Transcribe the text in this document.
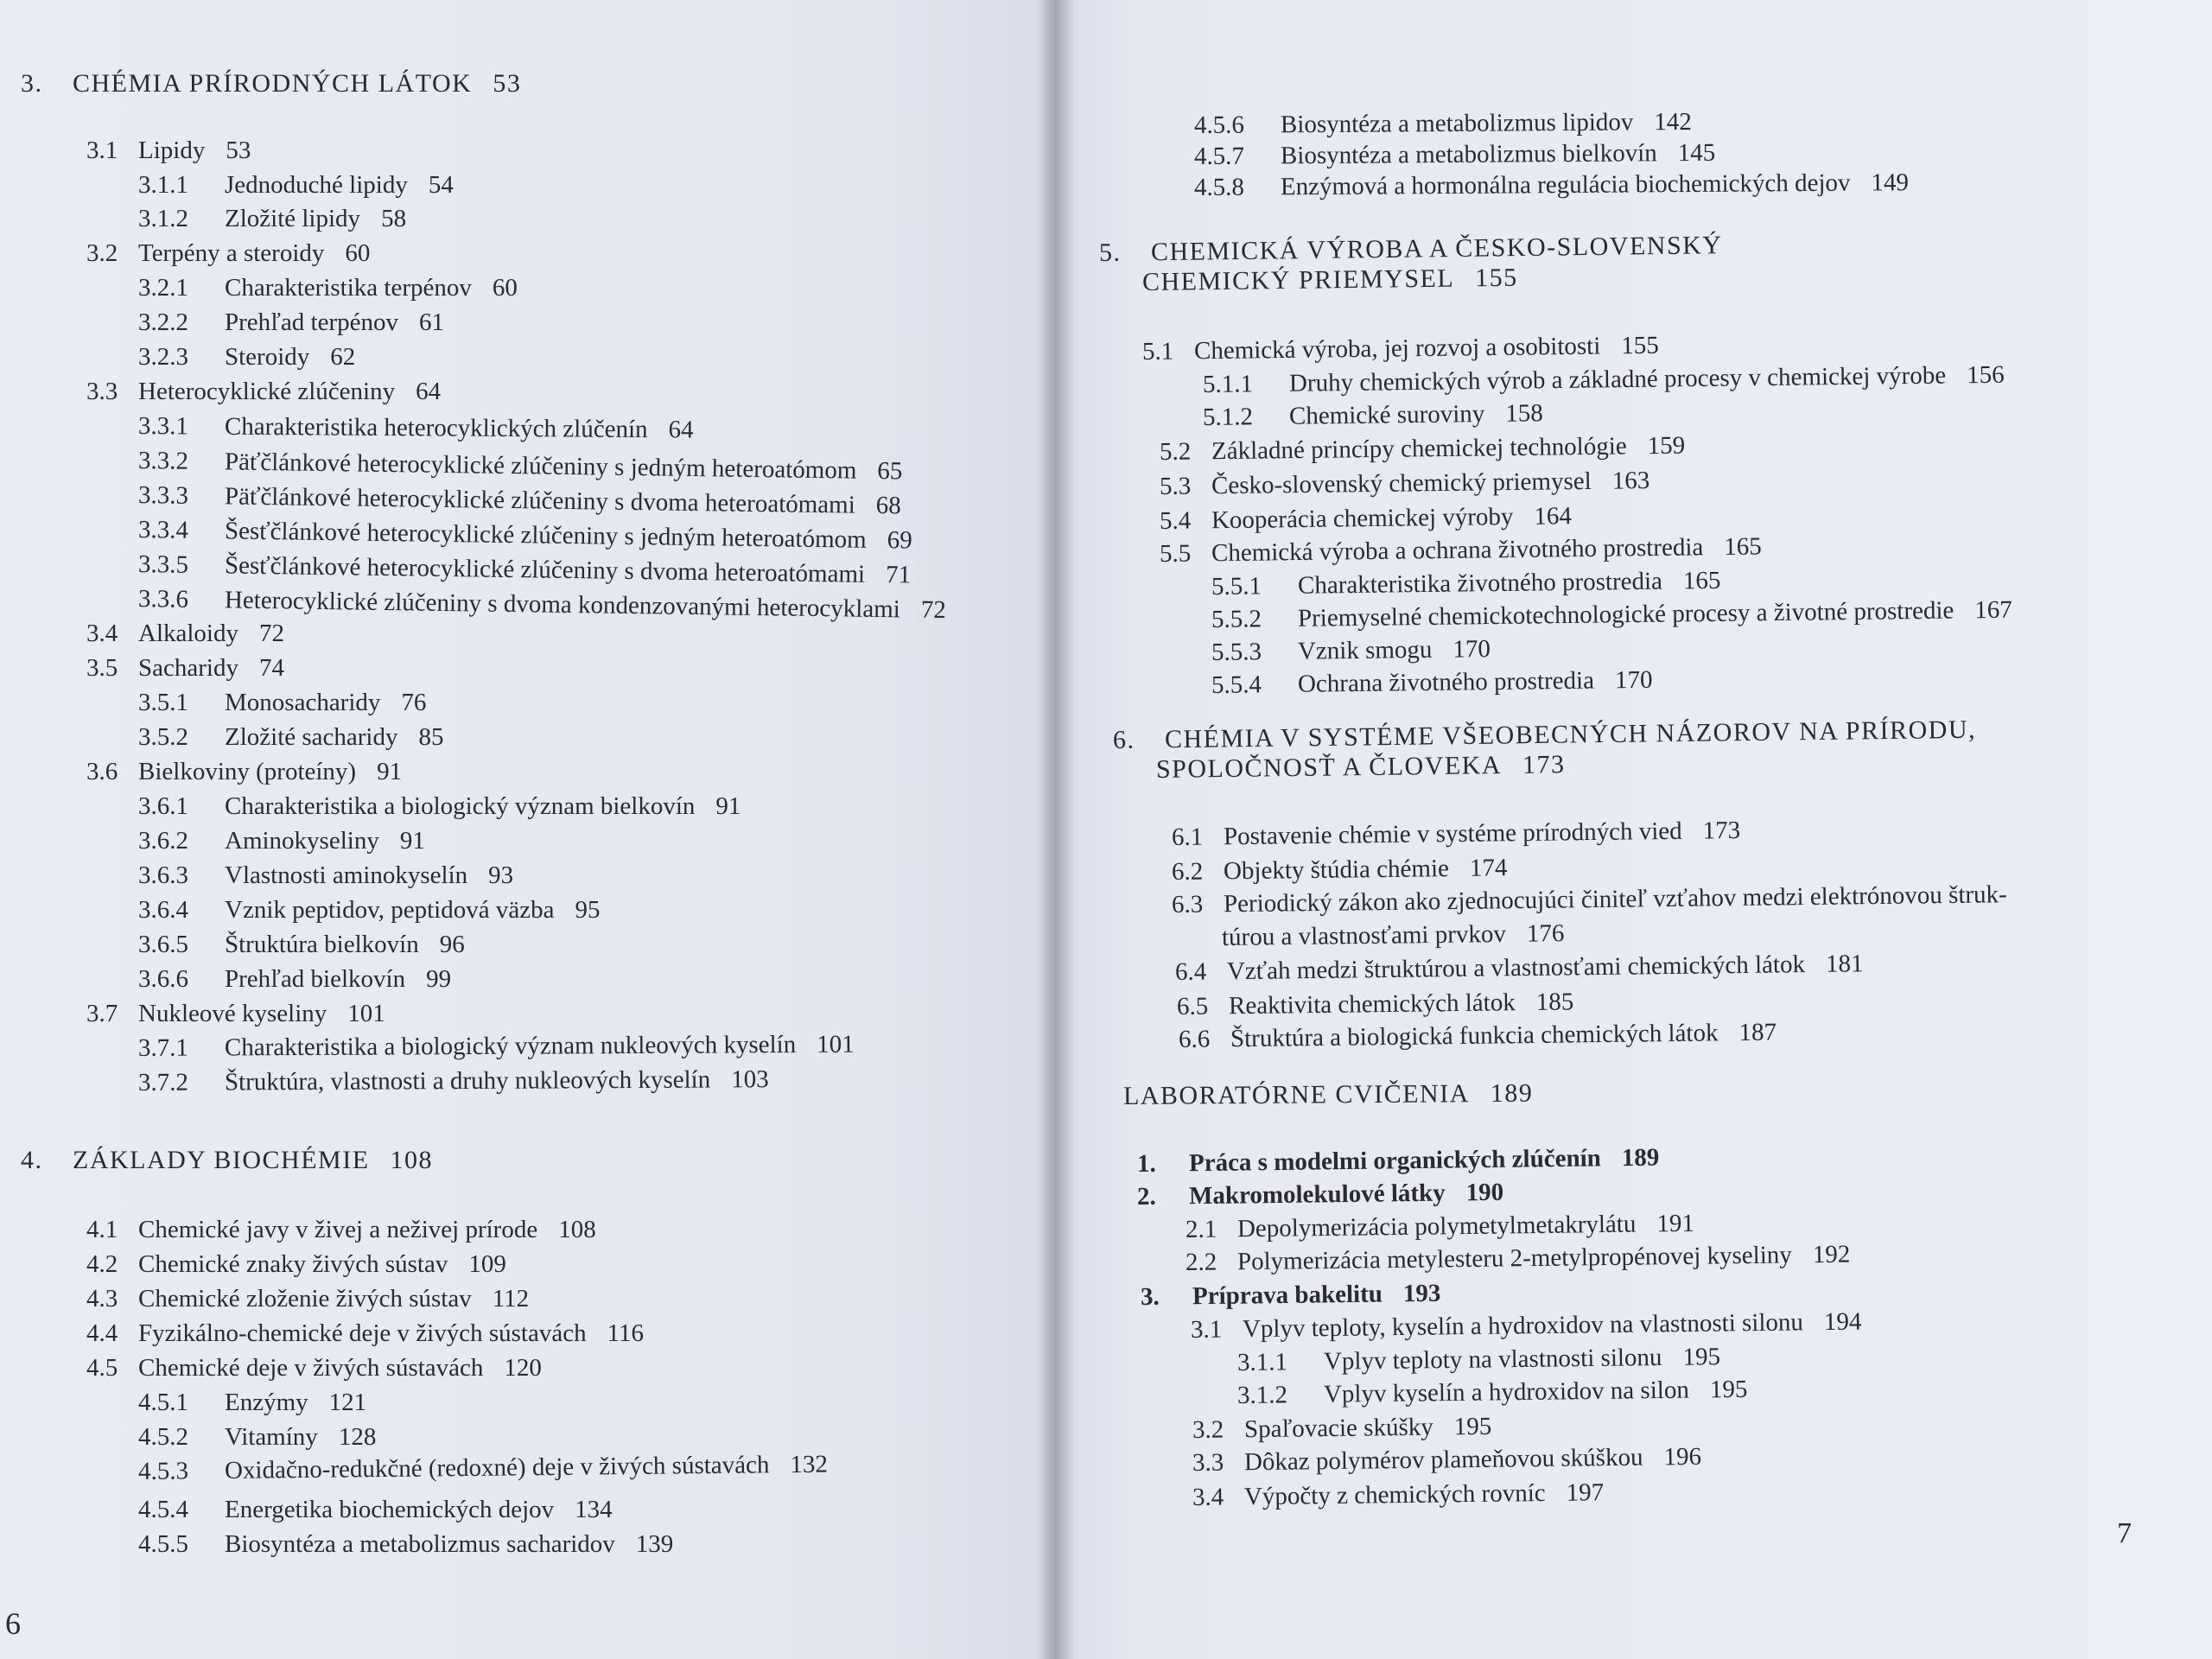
6
7
3. CHÉMIA PRÍRODNÝCH LÁTOK 53
3.1 Lipidy 53
3.1.1 Jednoduché lipidy 54
3.1.2 Zložité lipidy 58
3.2 Terpény a steroidy 60
3.2.1 Charakteristika terpénov 60
3.2.2 Prehľad terpénov 61
3.2.3 Steroidy 62
3.3 Heterocyklické zlúčeniny 64
3.3.1 Charakteristika heterocyklických zlúčenín 64
3.3.2 Päťčlánkové heterocyklické zlúčeniny s jedným heteroatómom 65
3.3.3 Päťčlánkové heterocyklické zlúčeniny s dvoma heteroatómami 68
3.3.4 Šesťčlánkové heterocyklické zlúčeniny s jedným heteroatómom 69
3.3.5 Šesťčlánkové heterocyklické zlúčeniny s dvoma heteroatómami 71
3.3.6 Heterocyklické zlúčeniny s dvoma kondenzovanými heterocyklami 72
3.4 Alkaloidy 72
3.5 Sacharidy 74
3.5.1 Monosacharidy 76
3.5.2 Zložité sacharidy 85
3.6 Bielkoviny (proteíny) 91
3.6.1 Charakteristika a biologický význam bielkovín 91
3.6.2 Aminokyseliny 91
3.6.3 Vlastnosti aminokyselín 93
3.6.4 Vznik peptidov, peptidová väzba 95
3.6.5 Štruktúra bielkovín 96
3.6.6 Prehľad bielkovín 99
3.7 Nukleové kyseliny 101
3.7.1 Charakteristika a biologický význam nukleových kyselín 101
3.7.2 Štruktúra, vlastnosti a druhy nukleových kyselín 103
4. ZÁKLADY BIOCHÉMIE 108
4.1 Chemické javy v živej a neživej prírode 108
4.2 Chemické znaky živých sústav 109
4.3 Chemické zloženie živých sústav 112
4.4 Fyzikálno-chemické deje v živých sústavách 116
4.5 Chemické deje v živých sústavách 120
4.5.1 Enzýmy 121
4.5.2 Vitamíny 128
4.5.3 Oxidačno-redukčné (redoxné) deje v živých sústavách 132
4.5.4 Energetika biochemických dejov 134
4.5.5 Biosyntéza a metabolizmus sacharidov 139
4.5.6 Biosyntéza a metabolizmus lipidov 142
4.5.7 Biosyntéza a metabolizmus bielkovín 145
4.5.8 Enzýmová a hormonálna regulácia biochemických dejov 149
5. CHEMICKÁ VÝROBA A ČESKO-SLOVENSKÝ
CHEMICKÝ PRIEMYSEL 155
5.1 Chemická výroba, jej rozvoj a osobitosti 155
5.1.1 Druhy chemických výrob a základné procesy v chemickej výrobe 156
5.1.2 Chemické suroviny 158
5.2 Základné princípy chemickej technológie 159
5.3 Česko-slovenský chemický priemysel 163
5.4 Kooperácia chemickej výroby 164
5.5 Chemická výroba a ochrana životného prostredia 165
5.5.1 Charakteristika životného prostredia 165
5.5.2 Priemyselné chemickotechnologické procesy a životné prostredie 167
5.5.3 Vznik smogu 170
5.5.4 Ochrana životného prostredia 170
6. CHÉMIA V SYSTÉME VŠEOBECNÝCH NÁZOROV NA PRÍRODU,
SPOLOČNOSŤ A ČLOVEKA 173
6.1 Postavenie chémie v systéme prírodných vied 173
6.2 Objekty štúdia chémie 174
6.3 Periodický zákon ako zjednocujúci činiteľ vzťahov medzi elektrónovou štruk-
túrou a vlastnosťami prvkov 176
6.4 Vzťah medzi štruktúrou a vlastnosťami chemických látok 181
6.5 Reaktivita chemických látok 185
6.6 Štruktúra a biologická funkcia chemických látok 187
LABORATÓRNE CVIČENIA 189
1. Práca s modelmi organických zlúčenín 189
2. Makromolekulové látky 190
2.1 Depolymerizácia polymetylmetakrylátu 191
2.2 Polymerizácia metylesteru 2-metylpropénovej kyseliny 192
3. Príprava bakelitu 193
3.1 Vplyv teploty, kyselín a hydroxidov na vlastnosti silonu 194
3.1.1 Vplyv teploty na vlastnosti silonu 195
3.1.2 Vplyv kyselín a hydroxidov na silon 195
3.2 Spaľovacie skúšky 195
3.3 Dôkaz polymérov plameňovou skúškou 196
3.4 Výpočty z chemických rovníc 197
